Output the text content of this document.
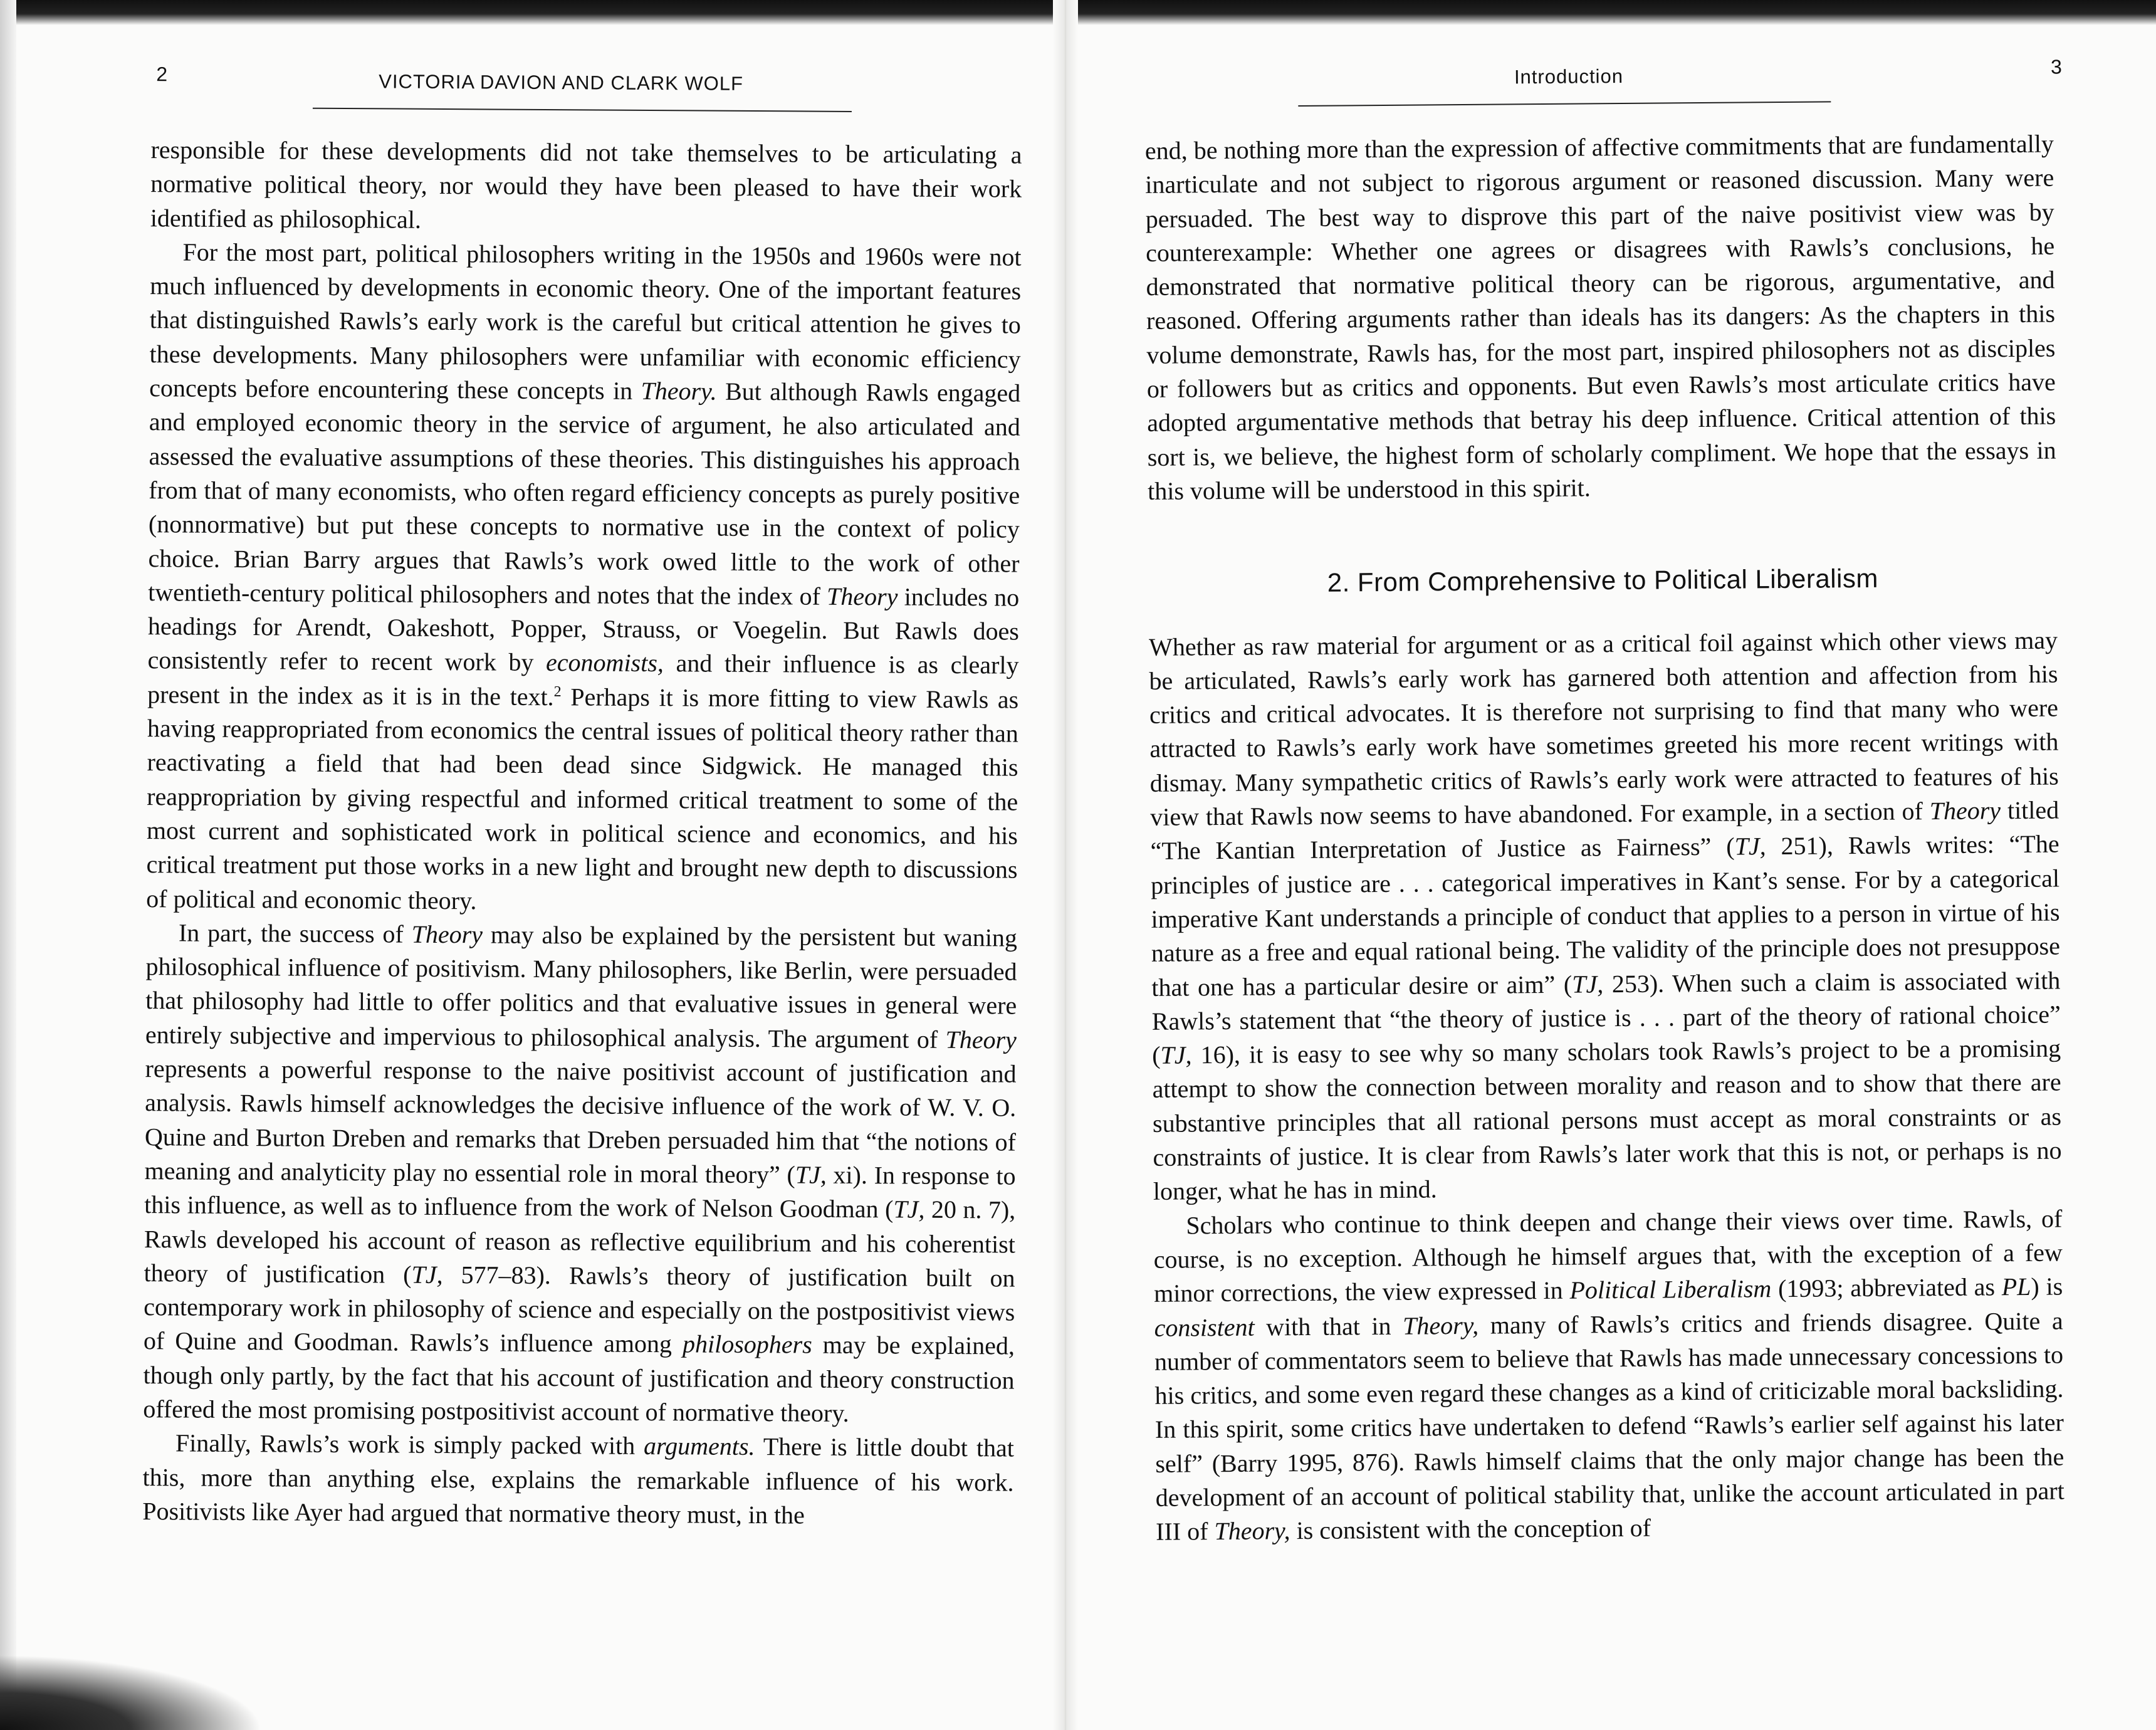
2	VICTORIA DAVION AND CLARK WOLF

responsible for these developments did not take themselves to be articulating a normative political theory, nor would they have been pleased to have their work identified as philosophical.

For the most part, political philosophers writing in the 1950s and 1960s were not much influenced by developments in economic theory. One of the important features that distinguished Rawls’s early work is the careful but critical attention he gives to these developments. Many philosophers were unfamiliar with economic efficiency concepts before encountering these concepts in Theory. But although Rawls engaged and employed economic theory in the service of argument, he also articulated and assessed the evaluative assumptions of these theories. This distinguishes his approach from that of many economists, who often regard efficiency concepts as purely positive (nonnormative) but put these concepts to normative use in the context of policy choice. Brian Barry argues that Rawls’s work owed little to the work of other twentieth-century political philosophers and notes that the index of Theory includes no headings for Arendt, Oakeshott, Popper, Strauss, or Voegelin. But Rawls does consistently refer to recent work by economists, and their influence is as clearly present in the index as it is in the text.$^2$ Perhaps it is more fitting to view Rawls as having reappropriated from economics the central issues of political theory rather than reactivating a field that had been dead since Sidgwick. He managed this reappropriation by giving respectful and informed critical treatment to some of the most current and sophisticated work in political science and economics, and his critical treatment put those works in a new light and brought new depth to discussions of political and economic theory.

In part, the success of Theory may also be explained by the persistent but waning philosophical influence of positivism. Many philosophers, like Berlin, were persuaded that philosophy had little to offer politics and that evaluative issues in general were entirely subjective and impervious to philosophical analysis. The argument of Theory represents a powerful response to the naive positivist account of justification and analysis. Rawls himself acknowledges the decisive influence of the work of W. V. O. Quine and Burton Dreben and remarks that Dreben persuaded him that “the notions of meaning and analyticity play no essential role in moral theory” (TJ, xi). In response to this influence, as well as to influence from the work of Nelson Goodman (TJ, 20 n. 7), Rawls developed his account of reason as reflective equilibrium and his coherentist theory of justification (TJ, 577–83). Rawls’s theory of justification built on contemporary work in philosophy of science and especially on the postpositivist views of Quine and Goodman. Rawls’s influence among philosophers may be explained, though only partly, by the fact that his account of justification and theory construction offered the most promising postpositivist account of normative theory.

Finally, Rawls’s work is simply packed with arguments. There is little doubt that this, more than anything else, explains the remarkable influence of his work. Positivists like Ayer had argued that normative theory must, in the

Introduction	3

end, be nothing more than the expression of affective commitments that are fundamentally inarticulate and not subject to rigorous argument or reasoned discussion. Many were persuaded. The best way to disprove this part of the naive positivist view was by counterexample: Whether one agrees or disagrees with Rawls’s conclusions, he demonstrated that normative political theory can be rigorous, argumentative, and reasoned. Offering arguments rather than ideals has its dangers: As the chapters in this volume demonstrate, Rawls has, for the most part, inspired philosophers not as disciples or followers but as critics and opponents. But even Rawls’s most articulate critics have adopted argumentative methods that betray his deep influence. Critical attention of this sort is, we believe, the highest form of scholarly compliment. We hope that the essays in this volume will be understood in this spirit.

2. From Comprehensive to Political Liberalism

Whether as raw material for argument or as a critical foil against which other views may be articulated, Rawls’s early work has garnered both attention and affection from his critics and critical advocates. It is therefore not surprising to find that many who were attracted to Rawls’s early work have sometimes greeted his more recent writings with dismay. Many sympathetic critics of Rawls’s early work were attracted to features of his view that Rawls now seems to have abandoned. For example, in a section of Theory titled “The Kantian Interpretation of Justice as Fairness” (TJ, 251), Rawls writes: “The principles of justice are . . . categorical imperatives in Kant’s sense. For by a categorical imperative Kant understands a principle of conduct that applies to a person in virtue of his nature as a free and equal rational being. The validity of the principle does not presuppose that one has a particular desire or aim” (TJ, 253). When such a claim is associated with Rawls’s statement that “the theory of justice is . . . part of the theory of rational choice” (TJ, 16), it is easy to see why so many scholars took Rawls’s project to be a promising attempt to show the connection between morality and reason and to show that there are substantive principles that all rational persons must accept as moral constraints or as constraints of justice. It is clear from Rawls’s later work that this is not, or perhaps is no longer, what he has in mind.

Scholars who continue to think deepen and change their views over time. Rawls, of course, is no exception. Although he himself argues that, with the exception of a few minor corrections, the view expressed in Political Liberalism (1993; abbreviated as PL) is consistent with that in Theory, many of Rawls’s critics and friends disagree. Quite a number of commentators seem to believe that Rawls has made unnecessary concessions to his critics, and some even regard these changes as a kind of criticizable moral backsliding. In this spirit, some critics have undertaken to defend “Rawls’s earlier self against his later self” (Barry 1995, 876). Rawls himself claims that the only major change has been the development of an account of political stability that, unlike the account articulated in part III of Theory, is consistent with the conception of
